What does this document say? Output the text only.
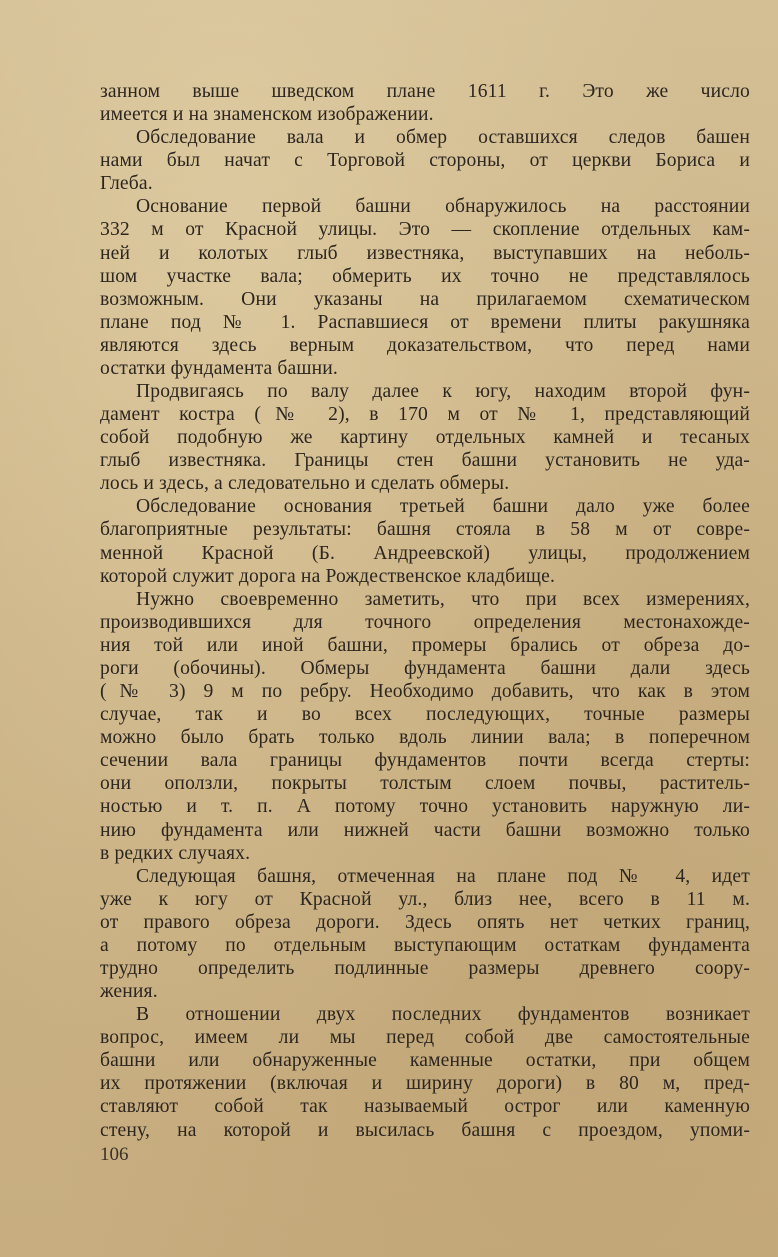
занном выше шведском плане 1611 г. Это же число
имеется и на знаменском изображении.
Обследование вала и обмер оставшихся следов башен
нами был начат с Торговой стороны, от церкви Бориса и
Глеба.
Основание первой башни обнаружилось на расстоянии
332 м от Красной улицы. Это — скопление отдельных кам-
ней и колотых глыб известняка, выступавших на неболь-
шом участке вала; обмерить их точно не представлялось
возможным. Они указаны на прилагаемом схематическом
плане под № 1. Распавшиеся от времени плиты ракушняка
являются здесь верным доказательством, что перед нами
остатки фундамента башни.
Продвигаясь по валу далее к югу, находим второй фун-
дамент костра (№ 2), в 170 м от № 1, представляющий
собой подобную же картину отдельных камней и тесаных
глыб известняка. Границы стен башни установить не уда-
лось и здесь, а следовательно и сделать обмеры.
Обследование основания третьей башни дало уже более
благоприятные результаты: башня стояла в 58 м от совре-
менной Красной (Б. Андреевской) улицы, продолжением
которой служит дорога на Рождественское кладбище.
Нужно своевременно заметить, что при всех измерениях,
производившихся для точного определения местонахожде-
ния той или иной башни, промеры брались от обреза до-
роги (обочины). Обмеры фундамента башни дали здесь
(№ 3) 9 м по ребру. Необходимо добавить, что как в этом
случае, так и во всех последующих, точные размеры
можно было брать только вдоль линии вала; в поперечном
сечении вала границы фундаментов почти всегда стерты:
они оползли, покрыты толстым слоем почвы, раститель-
ностью и т. п. А потому точно установить наружную ли-
нию фундамента или нижней части башни возможно только
в редких случаях.
Следующая башня, отмеченная на плане под № 4, идет
уже к югу от Красной ул., близ нее, всего в 11 м.
от правого обреза дороги. Здесь опять нет четких границ,
а потому по отдельным выступающим остаткам фундамента
трудно определить подлинные размеры древнего соору-
жения.
В отношении двух последних фундаментов возникает
вопрос, имеем ли мы перед собой две самостоятельные
башни или обнаруженные каменные остатки, при общем
их протяжении (включая и ширину дороги) в 80 м, пред-
ставляют собой так называемый острог или каменную
стену, на которой и высилась башня с проездом, упоми-
106
